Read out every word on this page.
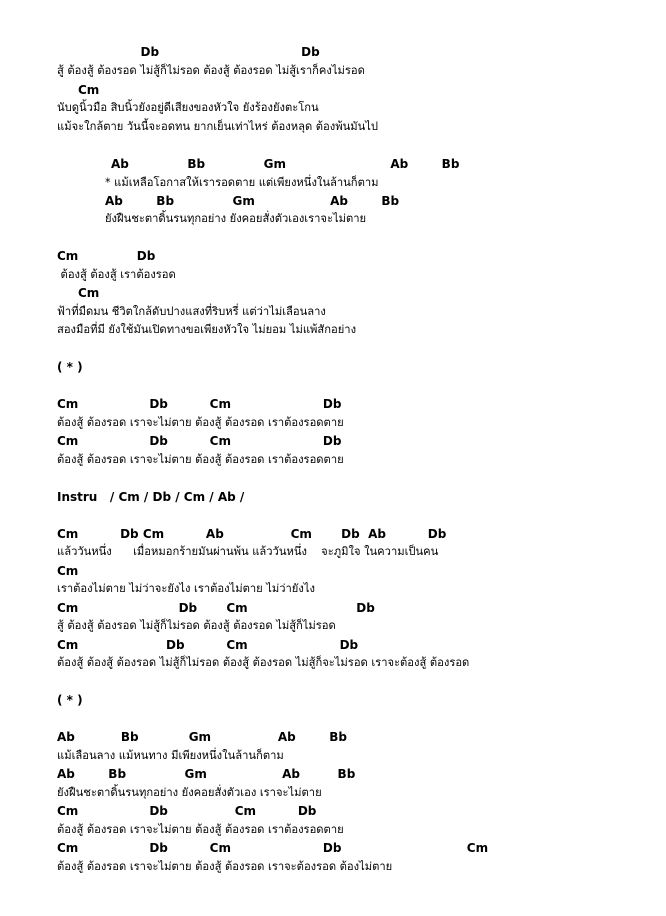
Db                                  Db
สู้ ต้องสู้ ต้องรอด ไม่สู้ก็ไม่รอด ต้องสู้ ต้องรอด ไม่สู้เราก็คงไม่รอด
Cm
นับดูนิ้วมือ สิบนิ้วยังอยู่ดีเสียงของหัวใจ ยังร้องยังตะโกน
แม้จะใกล้ตาย วันนี้จะอดทน ยากเย็นเท่าไหร่ ต้องหลุด ต้องพ้นมันไป
Ab              Bb              Gm                         Ab        Bb
* แม้เหลือโอกาสให้เรารอดตาย แต่เพียงหนึ่งในล้านก็ตาม
Ab        Bb              Gm                  Ab        Bb
ยังฝืนชะตาดิ้นรนทุกอย่าง ยังคอยสั่งตัวเองเราจะไม่ตาย
Cm              Db
ต้องสู้ ต้องสู้ เราต้องรอด
Cm
ฟ้าที่มืดมน ชีวิตใกล้ดับปางแสงที่ริบหรี่ แต่ว่าไม่เลือนลาง
สองมือที่มี ยังใช้มันเปิดทางขอเพียงหัวใจ ไม่ยอม ไม่แพ้สักอย่าง
( * )
Cm                 Db          Cm                      Db
ต้องสู้ ต้องรอด เราจะไม่ตาย ต้องสู้ ต้องรอด เราต้องรอดตาย
Cm                 Db          Cm                      Db
ต้องสู้ ต้องรอด เราจะไม่ตาย ต้องสู้ ต้องรอด เราต้องรอดตาย
Instru   / Cm / Db / Cm / Ab /
Cm          Db Cm          Ab                Cm       Db  Ab          Db
แล้ววันหนึ่ง      เมื่อหมอกร้ายมันผ่านพ้น แล้ววันหนึ่ง    จะภูมิใจ ในความเป็นคน
Cm
เราต้องไม่ตาย ไม่ว่าจะยังไง เราต้องไม่ตาย ไม่ว่ายังไง
Cm                        Db       Cm                          Db
สู้ ต้องสู้ ต้องรอด ไม่สู้ก็ไม่รอด ต้องสู้ ต้องรอด ไม่สู้ก็ไม่รอด
Cm                     Db          Cm                      Db
ต้องสู้ ต้องสู้ ต้องรอด ไม่สู้ก็ไม่รอด ต้องสู้ ต้องรอด ไม่สู้ก็จะไม่รอด เราจะต้องสู้ ต้องรอด
( * )
Ab           Bb            Gm                Ab        Bb
แม้เลือนลาง แม้หนทาง มีเพียงหนึ่งในล้านก็ตาม
Ab        Bb              Gm                  Ab         Bb
ยังฝืนชะตาดิ้นรนทุกอย่าง ยังคอยสั่งตัวเอง เราจะไม่ตาย
Cm                 Db                Cm          Db
ต้องสู้ ต้องรอด เราจะไม่ตาย ต้องสู้ ต้องรอด เราต้องรอดตาย
Cm                 Db          Cm                      Db                              Cm
ต้องสู้ ต้องรอด เราจะไม่ตาย ต้องสู้ ต้องรอด เราจะต้องรอด ต้องไม่ตาย
